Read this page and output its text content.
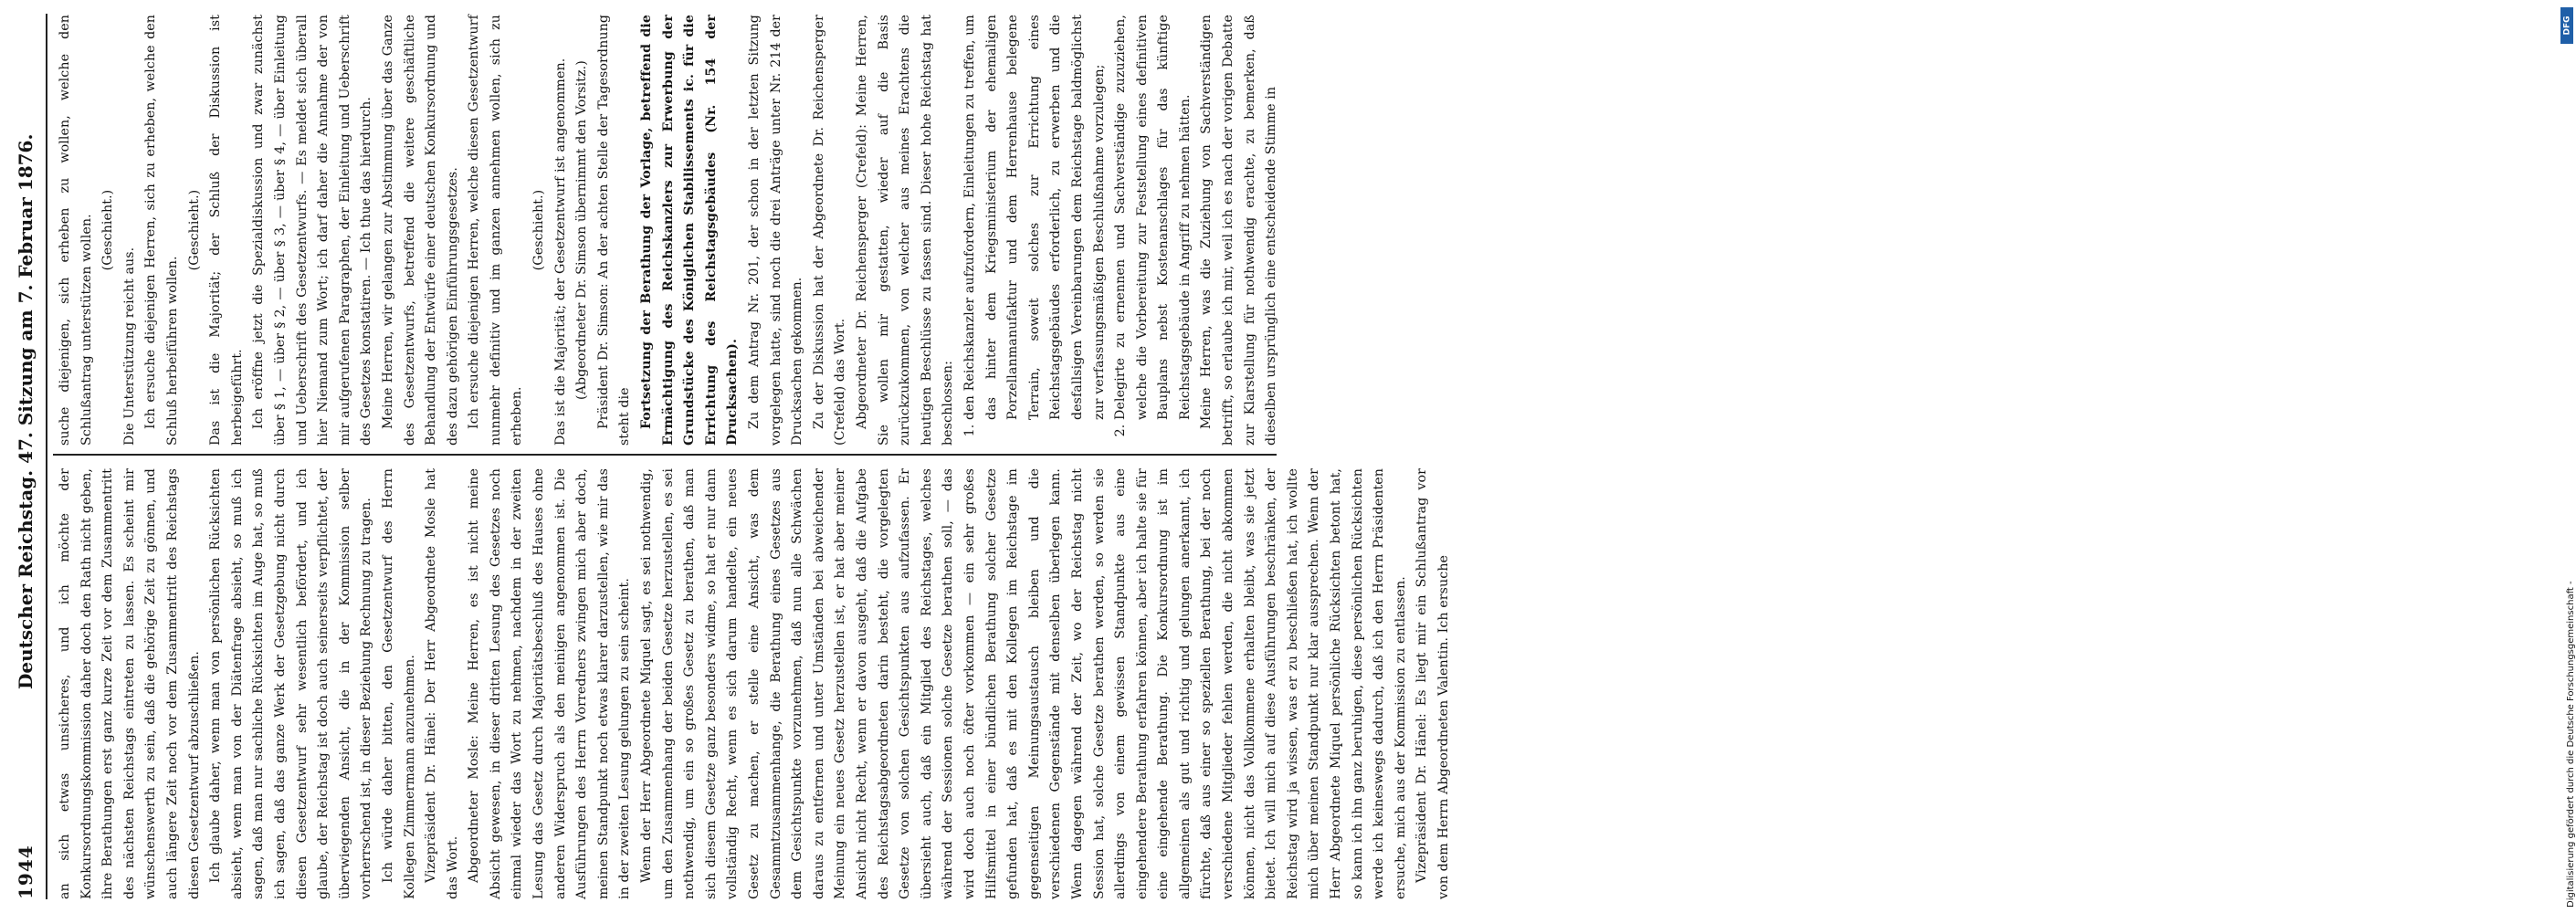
1944
Deutscher Reichstag. 47. Sitzung am 7. Februar 1876. an sich etwas unsicheres, und ich möchte der Konkursordnungskommission daher doch den Rath nicht geben, ihre Berathungen erst ganz kurze Zeit vor dem Zusammentritt des nächsten Reichstags eintreten zu lassen. Es scheint mir wünschenswerth zu sein, daß die gehörige Zeit zu gönnen, und auch längere Zeit noch vor dem Zusammentritt des Reichstags diesen Gesetzentwurf abzuschließen. Ich glaube daher, wenn man von persönlichen Rücksichten absieht, wenn man von der Diätenfrage absieht, so muß ich sagen, daß man nur sachliche Rücksichten im Auge hat, so muß ich sagen, daß das ganze Werk der Gesetzgebung nicht durch diesen Gesetzentwurf sehr wesentlich befördert, und ich glaube, der Reichstag ist doch auch seinerseits verpflichtet, der überwiegenden Ansicht, die in der Kommission selber vorherrschend ist, in dieser Beziehung Rechnung zu tragen. Ich würde daher bitten, den Gesetzentwurf des Herrn Kollegen Zimmermann anzunehmen. Vizepräsident Dr. Hänel: Der Herr Abgeordnete Mosle hat das Wort. Abgeordneter Mosle: Meine Herren, es ist nicht meine Absicht gewesen, in dieser dritten Lesung des Gesetzes noch einmal wieder das Wort zu nehmen, nachdem in der zweiten Lesung das Gesetz durch Majoritätsbeschluß des Hauses ohne anderen Widerspruch als den meinigen angenommen ist. Die Ausführungen des Herrn Vorredners zwingen mich aber doch, meinen Standpunkt noch etwas klarer darzustellen, wie mir das in der zweiten Lesung gelungen zu sein scheint. Wenn der Herr Abgeordnete Miquel sagt, es sei nothwendig, um den Zusammenhang der beiden Gesetze herzustellen, es sei nothwendig, um ein so großes Gesetz zu berathen, daß man sich diesem Gesetze ganz besonders widme, so hat er nur dann vollständig Recht, wenn es sich darum handelte, ein neues Gesetz zu machen, er stelle eine Ansicht, was dem Gesammtzusammenhange, die Berathung eines Gesetzes aus dem Gesichtspunkte vorzunehmen, daß nun alle Schwächen daraus zu entfernen und unter Umständen bei abweichender Meinung ein neues Gesetz herzustellen ist, er hat aber meiner Ansicht nicht Recht, wenn er davon ausgeht, daß die Aufgabe des Reichstagsabgeordneten darin besteht, die vorgelegten Gesetze von solchen Gesichtspunkten aus aufzufassen. Er übersieht auch, daß ein Mitglied des Reichstages, welches während der Sessionen solche Gesetze berathen soll, — das wird doch auch noch öfter vorkommen — ein sehr großes Hilfsmittel in einer bündlichen Berathung solcher Gesetze gefunden hat, daß es mit den Kollegen im Reichstage im gegenseitigen Meinungsaustausch bleiben und die verschiedenen Gegenstände mit denselben überlegen kann. Wenn dagegen während der Zeit, wo der Reichstag nicht Session hat, solche Gesetze berathen werden, so werden sie allerdings von einem gewissen Standpunkte aus eine eingehendere Berathung erfahren können, aber ich halte sie für eine eingehende Berathung. Die Konkursordnung ist im allgemeinen als gut und richtig und gelungen anerkannt, ich fürchte, daß aus einer so speziellen Berathung, bei der noch verschiedene Mitglieder fehlen werden, die nicht abkommen können, nicht das Vollkommene erhalten bleibt, was sie jetzt bietet. Ich will mich auf diese Ausführungen beschränken, der Reichstag wird ja wissen, was er zu beschließen hat, ich wollte mich über meinen Standpunkt nur klar aussprechen. Wenn der Herr Abgeordnete Miquel persönliche Rücksichten betont hat, so kann ich ihn ganz beruhigen, diese persönlichen Rücksichten werde ich keineswegs dadurch, daß ich den Herrn Präsidenten ersuche, mich aus der Kommission zu entlassen. Vizepräsident Dr. Hänel: Es liegt mir ein Schlußantrag vor von dem Herrn Abgeordneten Valentin. Ich ersuche

suche diejenigen, sich erheben zu wollen, welche den Schlußantrag unterstützen wollen. (Geschieht.)

Die Unterstützung reicht aus. Ich ersuche diejenigen Herren, sich zu erheben, welche den Schluß herbeiführen wollen.

(Geschieht.) Das ist die Majorität; der Schluß der Diskussion ist herbeigeführt. Ich eröffne jetzt die Spezialdiskussion und zwar zunächst über § 1, — über § 2, — über § 3, — über § 4, — über Einleitung und Ueberschrift des Gesetzentwurfs. — Es meldet sich überall hier Niemand zum Wort; ich darf daher die Annahme der von mir aufgerufenen Paragraphen, der Einleitung und Ueberschrift des Gesetzes konstatiren. — Ich thue das hierdurch. Meine Herren, wir gelangen zur Abstimmung über das Ganze des Gesetzentwurfs, betreffend die weitere geschäftliche Behandlung der Entwürfe einer deutschen Konkursordnung und des dazu gehörigen Einführungsgesetzes. Ich ersuche diejenigen Herren, welche diesen Gesetzentwurf nunmehr definitiv und im ganzen annehmen wollen, sich zu erheben.

(Geschieht.) Das ist die Majorität; der Gesetzentwurf ist angenommen. (Abgeordneter Dr. Simson übernimmt den Vorsitz.) Präsident Dr. Simson: An der achten Stelle der Tagesordnung steht die Fortsetzung der Berathung der Vorlage, betreffend die Ermächtigung des Reichskanzlers zur Erwerbung der Grundstücke des Königlichen Stabilissements ic. für die Errichtung des Reichstagsgebäudes (Nr. 154 der Drucksachen). Zu dem Antrag Nr. 201, der schon in der letzten Sitzung vorgelegen hatte, sind noch die drei Anträge unter Nr. 214 der Drucksachen gekommen. Zu der Diskussion hat der Abgeordnete Dr. Reichensperger (Crefeld) das Wort. Abgeordneter Dr. Reichensperger (Crefeld): Meine Herren, Sie wollen mir gestatten, wieder auf die Basis zurückzukommen, von welcher aus meines Erachtens die heutigen Beschlüsse zu fassen sind. Dieser hohe Reichstag hat beschlossen: 1. den Reichskanzler aufzufordern, Einleitungen zu treffen, um das hinter dem Kriegsministerium der ehemaligen Porzellanmanufaktur und dem Herrenhause belegene Terrain, soweit solches zur Errichtung eines Reichstagsgebäudes erforderlich, zu erwerben und die desfallsigen Vereinbarungen dem Reichstage baldmöglichst zur verfassungsmäßigen Beschlußnahme vorzulegen; 2. Delegirte zu ernennen und Sachverständige zuzuziehen, welche die Vorbereitung zur Feststellung eines definitiven Bauplans nebst Kostenanschlages für das künftige Reichstagsgebäude in Angriff zu nehmen hätten. Meine Herren, was die Zuziehung von Sachverständigen betrifft, so erlaube ich mir, weil ich es nach der vorigen Debatte zur Klarstellung für nothwendig erachte, zu bemerken, daß dieselben ursprünglich eine entscheidende Stimme in

DFG
Digitalisierung gefördert durch die Deutsche Forschungsgemeinschaft -
